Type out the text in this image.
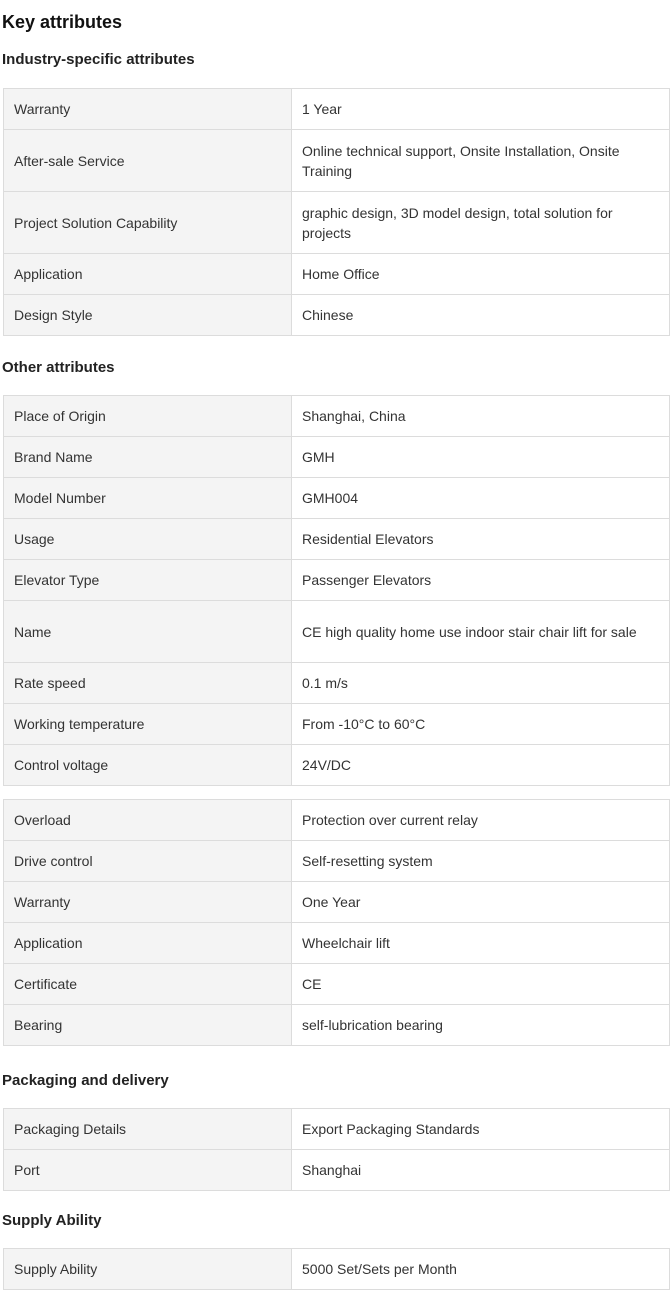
Key attributes
Industry-specific attributes
Warranty	1 Year
After-sale Service	Online technical support, Onsite Installation, Onsite Training
Project Solution Capability	graphic design, 3D model design, total solution for projects
Application	Home Office
Design Style	Chinese
Other attributes
Place of Origin	Shanghai, China
Brand Name	GMH
Model Number	GMH004
Usage	Residential Elevators
Elevator Type	Passenger Elevators
Name	CE high quality home use indoor stair chair lift for sale
Rate speed	0.1 m/s
Working temperature	From -10°C to 60°C
Control voltage	24V/DC
Overload	Protection over current relay
Drive control	Self-resetting system
Warranty	One Year
Application	Wheelchair lift
Certificate	CE
Bearing	self-lubrication bearing
Packaging and delivery
Packaging Details	Export Packaging Standards
Port	Shanghai
Supply Ability
Supply Ability	5000 Set/Sets per Month
